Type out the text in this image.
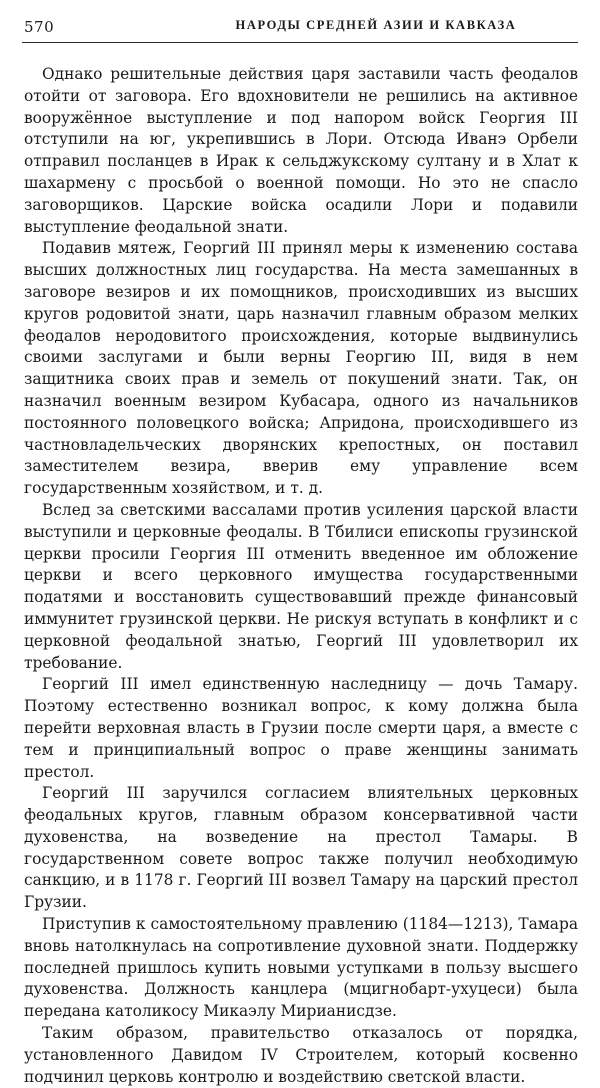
570	НАРОДЫ СРЕДНЕЙ АЗИИ И КАВКАЗА

Однако решительные действия царя заставили часть феодалов отойти от заговора. Его вдохновители не решились на активное вооружённое выступление и под напором войск Георгия III отступили на юг, укрепившись в Лори. Отсюда Иванэ Орбели отправил посланцев в Ирак к сельджукскому султану и в Хлат к шахармену с просьбой о военной помощи. Но это не спасло заговорщиков. Царские войска осадили Лори и подавили выступление феодальной знати.

Подавив мятеж, Георгий III принял меры к изменению состава высших должностных лиц государства. На места замешанных в заговоре везиров и их помощников, происходивших из высших кругов родовитой знати, царь назначил главным образом мелких феодалов неродовитого происхождения, которые выдвинулись своими заслугами и были верны Георгию III, видя в нем защитника своих прав и земель от покушений знати. Так, он назначил военным везиром Кубасара, одного из начальников постоянного половецкого войска; Апридона, происходившего из частновладельческих дворянских крепостных, он поставил заместителем везира, вверив ему управление всем государственным хозяйством, и т. д.

Вслед за светскими вассалами против усиления царской власти выступили и церковные феодалы. В Тбилиси епископы грузинской церкви просили Георгия III отменить введенное им обложение церкви и всего церковного имущества государственными податями и восстановить существовавший прежде финансовый иммунитет грузинской церкви. Не рискуя вступать в конфликт и с церковной феодальной знатью, Георгий III удовлетворил их требование.

Георгий III имел единственную наследницу — дочь Тамару. Поэтому естественно возникал вопрос, к кому должна была перейти верховная власть в Грузии после смерти царя, а вместе с тем и принципиальный вопрос о праве женщины занимать престол.

Георгий III заручился согласием влиятельных церковных феодальных кругов, главным образом консервативной части духовенства, на возведение на престол Тамары. В государственном совете вопрос также получил необходимую санкцию, и в 1178 г. Георгий III возвел Тамару на царский престол Грузии.

Приступив к самостоятельному правлению (1184—1213), Тамара вновь натолкнулась на сопротивление духовной знати. Поддержку последней пришлось купить новыми уступками в пользу высшего духовенства. Должность канцлера (мцигнобарт-ухуцеси) была передана католикосу Микаэлу Мирианисдзе.

Таким образом, правительство отказалось от порядка, установленного Давидом IV Строителем, который косвенно подчинил церковь контролю и воздействию светской власти.
